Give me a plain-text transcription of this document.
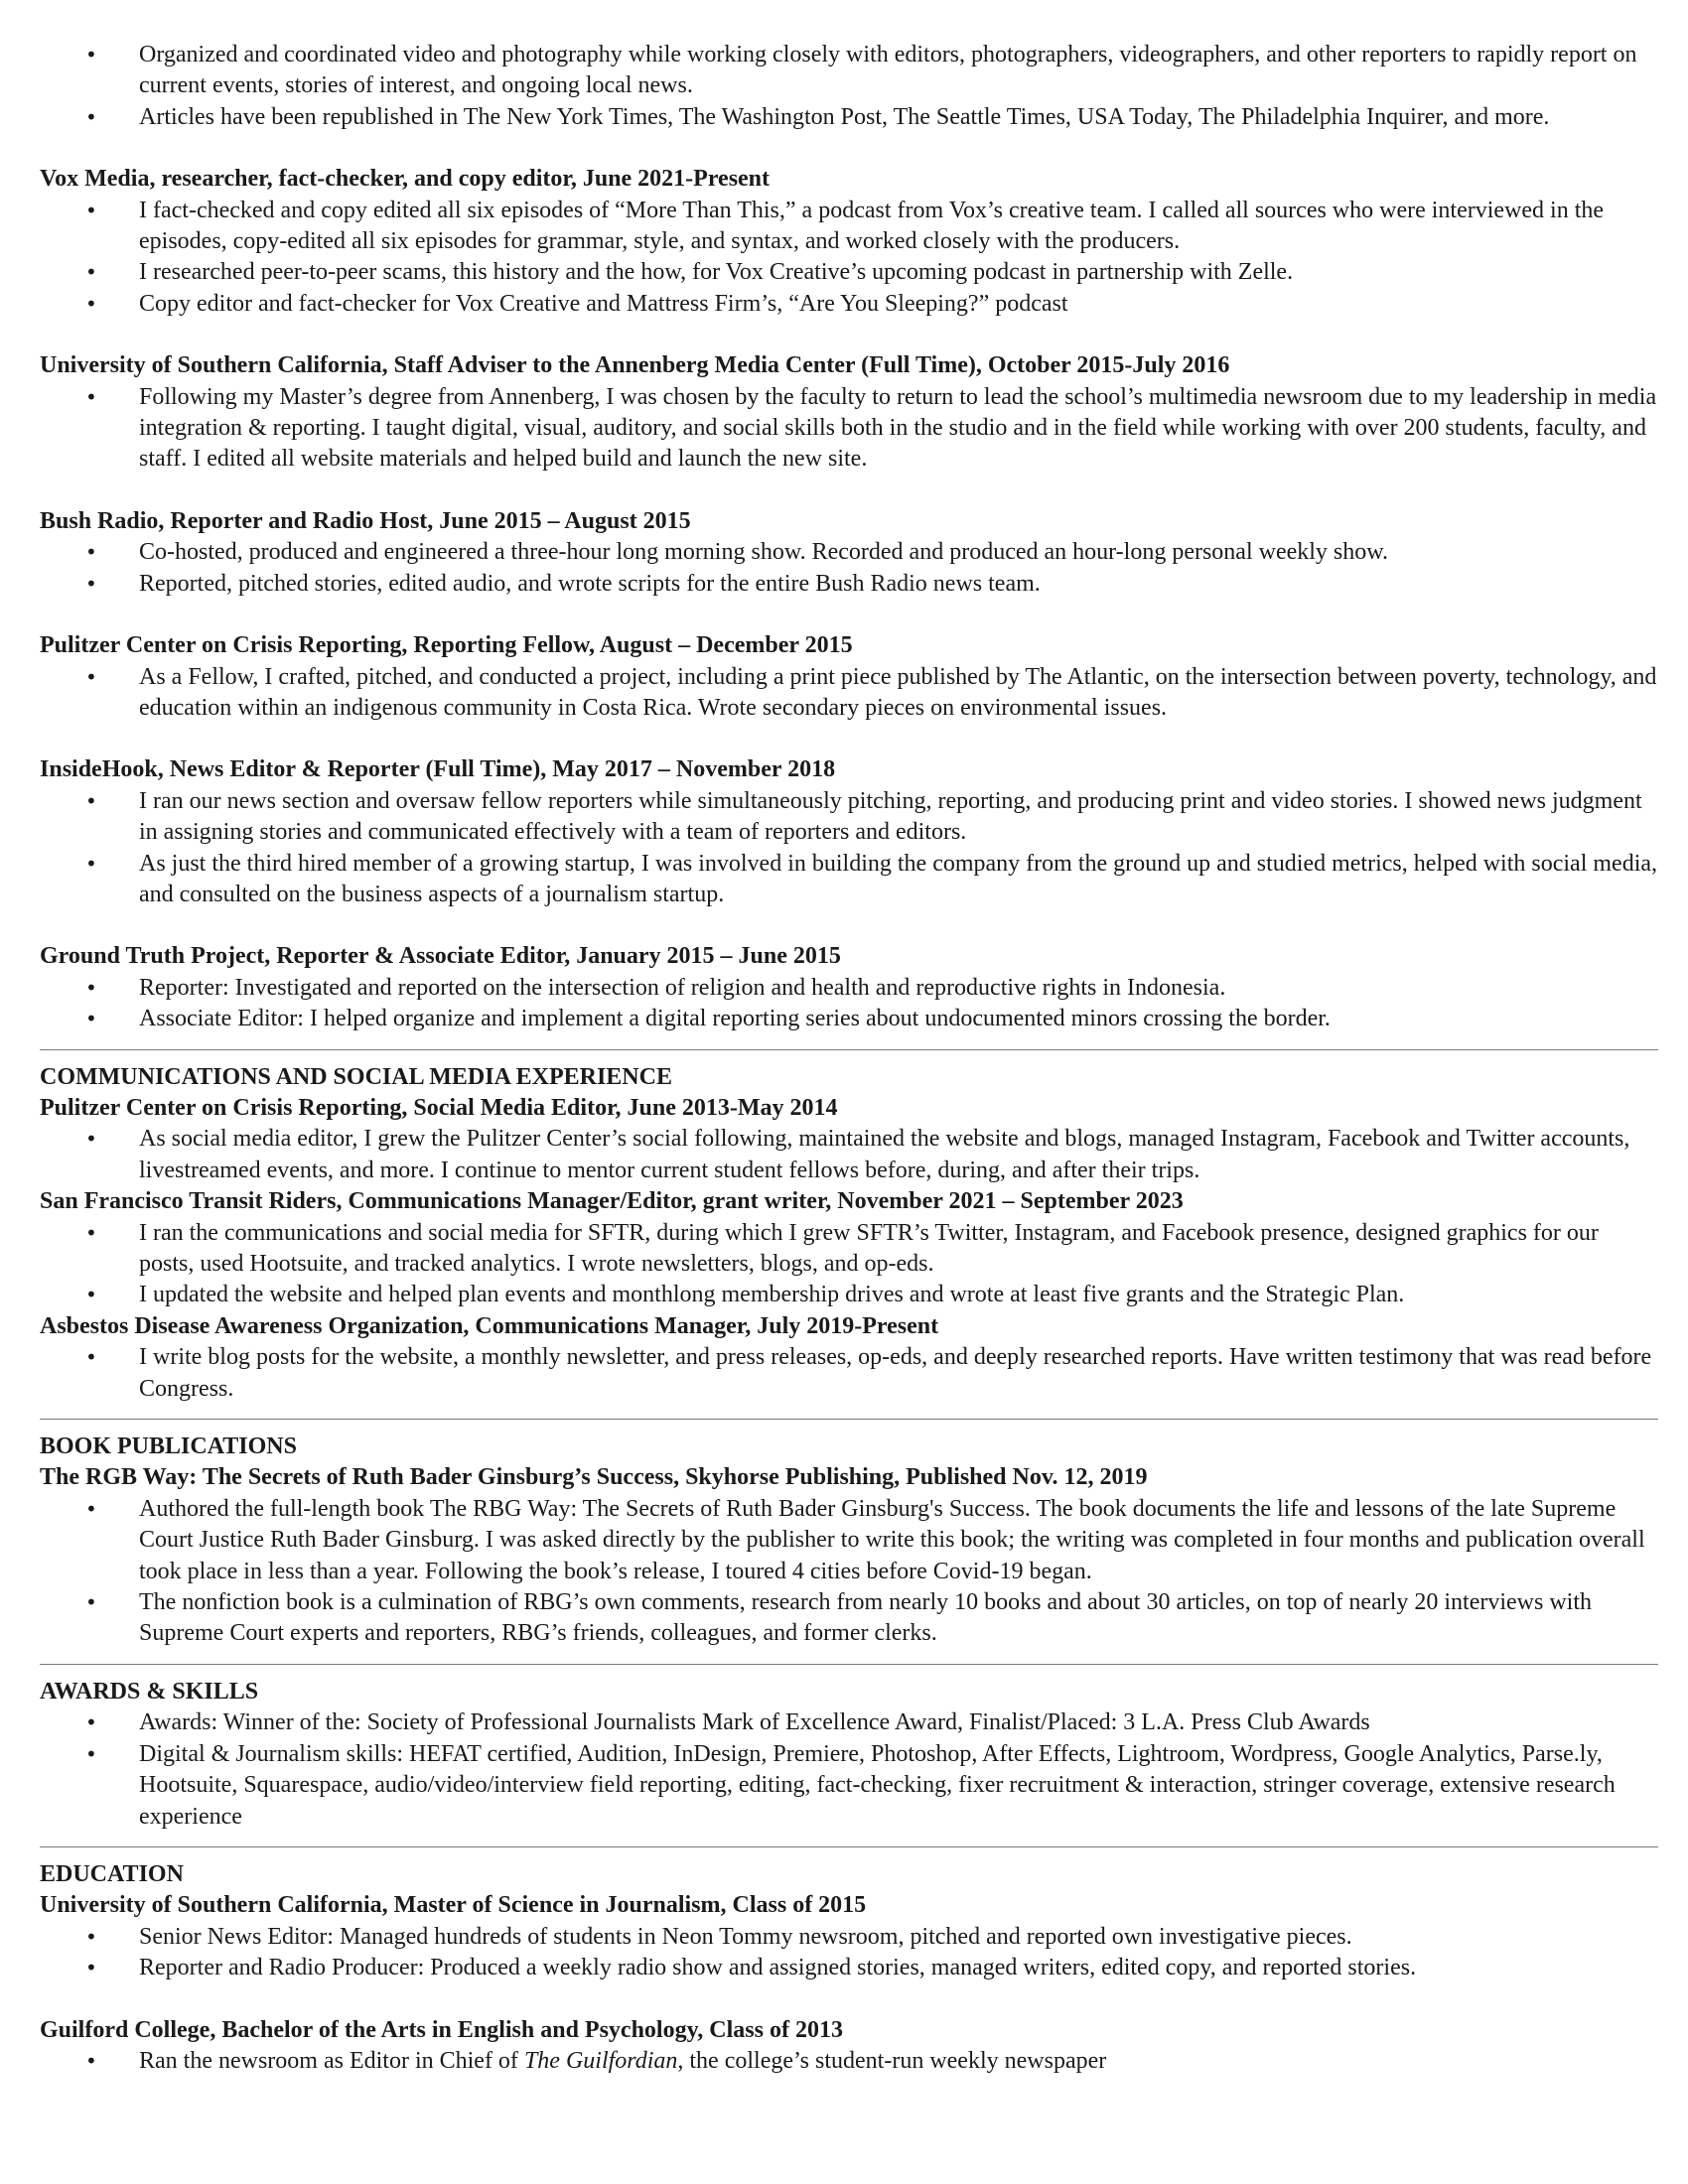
• Organized and coordinated video and photography while working closely with editors, photographers, videographers, and other reporters to rapidly report on current events, stories of interest, and ongoing local news.
• Articles have been republished in The New York Times, The Washington Post, The Seattle Times, USA Today, The Philadelphia Inquirer, and more.
Vox Media, researcher, fact-checker, and copy editor, June 2021-Present
• I fact-checked and copy edited all six episodes of “More Than This,” a podcast from Vox’s creative team. I called all sources who were interviewed in the episodes, copy-edited all six episodes for grammar, style, and syntax, and worked closely with the producers.
• I researched peer-to-peer scams, this history and the how, for Vox Creative’s upcoming podcast in partnership with Zelle.
• Copy editor and fact-checker for Vox Creative and Mattress Firm’s, “Are You Sleeping?” podcast
University of Southern California, Staff Adviser to the Annenberg Media Center (Full Time), October 2015-July 2016
• Following my Master’s degree from Annenberg, I was chosen by the faculty to return to lead the school’s multimedia newsroom due to my leadership in media integration & reporting. I taught digital, visual, auditory, and social skills both in the studio and in the field while working with over 200 students, faculty, and staff. I edited all website materials and helped build and launch the new site.
Bush Radio, Reporter and Radio Host, June 2015 – August 2015
• Co-hosted, produced and engineered a three-hour long morning show. Recorded and produced an hour-long personal weekly show.
• Reported, pitched stories, edited audio, and wrote scripts for the entire Bush Radio news team.
Pulitzer Center on Crisis Reporting, Reporting Fellow, August – December 2015
• As a Fellow, I crafted, pitched, and conducted a project, including a print piece published by The Atlantic, on the intersection between poverty, technology, and education within an indigenous community in Costa Rica. Wrote secondary pieces on environmental issues.
InsideHook, News Editor & Reporter (Full Time), May 2017 – November 2018
• I ran our news section and oversaw fellow reporters while simultaneously pitching, reporting, and producing print and video stories. I showed news judgment in assigning stories and communicated effectively with a team of reporters and editors.
• As just the third hired member of a growing startup, I was involved in building the company from the ground up and studied metrics, helped with social media, and consulted on the business aspects of a journalism startup.
Ground Truth Project, Reporter & Associate Editor, January 2015 – June 2015
• Reporter: Investigated and reported on the intersection of religion and health and reproductive rights in Indonesia.
• Associate Editor: I helped organize and implement a digital reporting series about undocumented minors crossing the border.
COMMUNICATIONS AND SOCIAL MEDIA EXPERIENCE
Pulitzer Center on Crisis Reporting, Social Media Editor, June 2013-May 2014
• As social media editor, I grew the Pulitzer Center’s social following, maintained the website and blogs, managed Instagram, Facebook and Twitter accounts, livestreamed events, and more. I continue to mentor current student fellows before, during, and after their trips.
San Francisco Transit Riders, Communications Manager/Editor, grant writer, November 2021 – September 2023
• I ran the communications and social media for SFTR, during which I grew SFTR’s Twitter, Instagram, and Facebook presence, designed graphics for our posts, used Hootsuite, and tracked analytics. I wrote newsletters, blogs, and op-eds.
• I updated the website and helped plan events and monthlong membership drives and wrote at least five grants and the Strategic Plan.
Asbestos Disease Awareness Organization, Communications Manager, July 2019-Present
• I write blog posts for the website, a monthly newsletter, and press releases, op-eds, and deeply researched reports. Have written testimony that was read before Congress.
BOOK PUBLICATIONS
The RGB Way: The Secrets of Ruth Bader Ginsburg’s Success, Skyhorse Publishing, Published Nov. 12, 2019
• Authored the full-length book The RBG Way: The Secrets of Ruth Bader Ginsburg's Success. The book documents the life and lessons of the late Supreme Court Justice Ruth Bader Ginsburg. I was asked directly by the publisher to write this book; the writing was completed in four months and publication overall took place in less than a year. Following the book’s release, I toured 4 cities before Covid-19 began.
• The nonfiction book is a culmination of RBG’s own comments, research from nearly 10 books and about 30 articles, on top of nearly 20 interviews with Supreme Court experts and reporters, RBG’s friends, colleagues, and former clerks.
AWARDS & SKILLS
• Awards: Winner of the: Society of Professional Journalists Mark of Excellence Award, Finalist/Placed: 3 L.A. Press Club Awards
• Digital & Journalism skills: HEFAT certified, Audition, InDesign, Premiere, Photoshop, After Effects, Lightroom, Wordpress, Google Analytics, Parse.ly, Hootsuite, Squarespace, audio/video/interview field reporting, editing, fact-checking, fixer recruitment & interaction, stringer coverage, extensive research experience
EDUCATION
University of Southern California, Master of Science in Journalism, Class of 2015
• Senior News Editor: Managed hundreds of students in Neon Tommy newsroom, pitched and reported own investigative pieces.
• Reporter and Radio Producer: Produced a weekly radio show and assigned stories, managed writers, edited copy, and reported stories.
Guilford College, Bachelor of the Arts in English and Psychology, Class of 2013
• Ran the newsroom as Editor in Chief of The Guilfordian, the college’s student-run weekly newspaper
